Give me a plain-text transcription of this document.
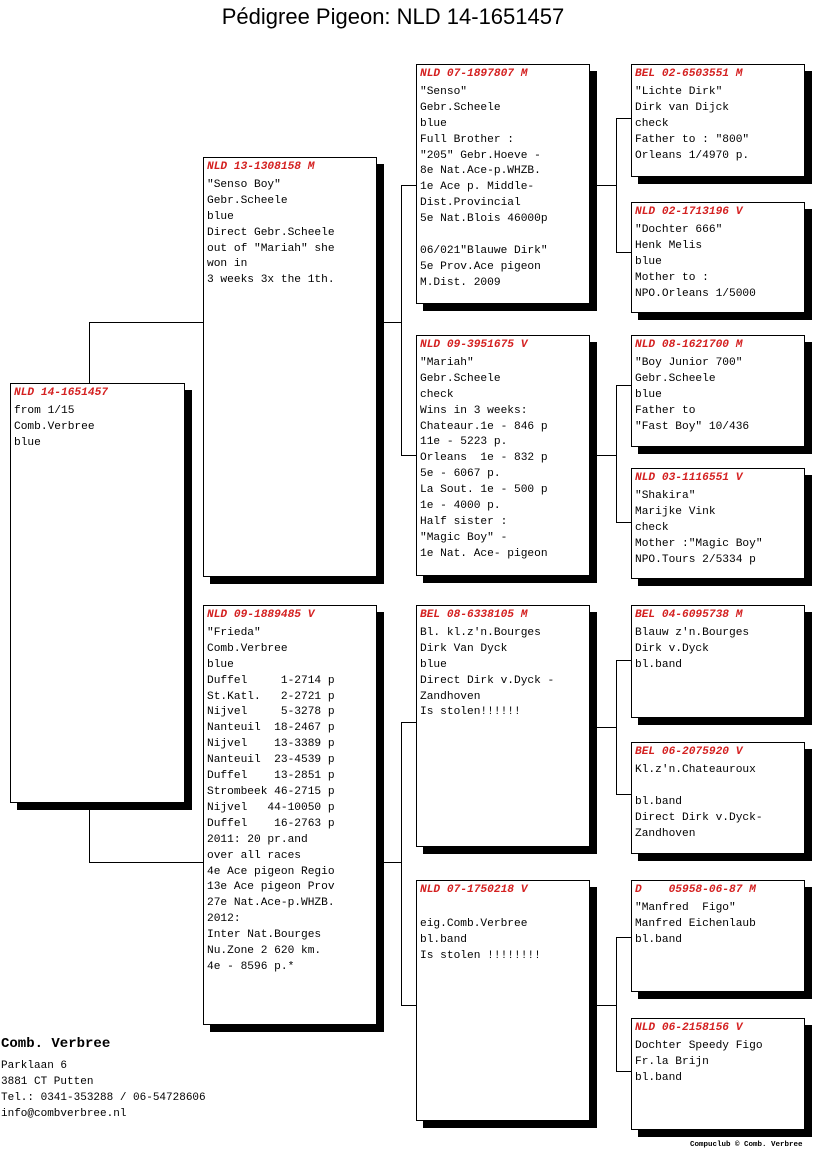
Pédigree Pigeon: NLD 14-1651457
NLD 14-1651457
from 1/15
Comb.Verbree
blue
NLD 13-1308158 M
"Senso Boy"
Gebr.Scheele
blue
Direct Gebr.Scheele
out of "Mariah" she
won in
3 weeks 3x the 1th.
NLD 09-1889485 V
"Frieda"
Comb.Verbree
blue
Duffel     1-2714 p
St.Katl.   2-2721 p
Nijvel     5-3278 p
Nanteuil  18-2467 p
Nijvel    13-3389 p
Nanteuil  23-4539 p
Duffel    13-2851 p
Strombeek 46-2715 p
Nijvel   44-10050 p
Duffel    16-2763 p
2011: 20 pr.and
over all races
4e Ace pigeon Regio
13e Ace pigeon Prov
27e Nat.Ace-p.WHZB.
2012:
Inter Nat.Bourges
Nu.Zone 2 620 km.
4e - 8596 p.*
NLD 07-1897807 M
"Senso"
Gebr.Scheele
blue
Full Brother :
"205" Gebr.Hoeve -
8e Nat.Ace-p.WHZB.
1e Ace p. Middle-
Dist.Provincial
5e Nat.Blois 46000p
06/021"Blauwe Dirk"
5e Prov.Ace pigeon
M.Dist. 2009
NLD 09-3951675 V
"Mariah"
Gebr.Scheele
check
Wins in 3 weeks:
Chateaur.1e - 846 p
11e - 5223 p.
Orleans  1e - 832 p
5e - 6067 p.
La Sout. 1e - 500 p
1e - 4000 p.
Half sister :
"Magic Boy" -
1e Nat. Ace- pigeon
BEL 08-6338105 M
Bl. kl.z'n.Bourges
Dirk Van Dyck
blue
Direct Dirk v.Dyck -
Zandhoven
Is stolen!!!!!!
NLD 07-1750218 V
eig.Comb.Verbree
bl.band
Is stolen !!!!!!!!
BEL 02-6503551 M
"Lichte Dirk"
Dirk van Dijck
check
Father to : "800"
Orleans 1/4970 p.
NLD 02-1713196 V
"Dochter 666"
Henk Melis
blue
Mother to :
NPO.Orleans 1/5000
NLD 08-1621700 M
"Boy Junior 700"
Gebr.Scheele
blue
Father to
"Fast Boy" 10/436
NLD 03-1116551 V
"Shakira"
Marijke Vink
check
Mother :"Magic Boy"
NPO.Tours 2/5334 p
BEL 04-6095738 M
Blauw z'n.Bourges
Dirk v.Dyck
bl.band
BEL 06-2075920 V
Kl.z'n.Chateauroux
bl.band
Direct Dirk v.Dyck-
Zandhoven
D    05958-06-87 M
"Manfred  Figo"
Manfred Eichenlaub
bl.band
NLD 06-2158156 V
Dochter Speedy Figo
Fr.la Brijn
bl.band
Comb. Verbree
Parklaan 6
3881 CT Putten
Tel.: 0341-353288 / 06-54728606
info@combverbree.nl
Compuclub © Comb. Verbree
